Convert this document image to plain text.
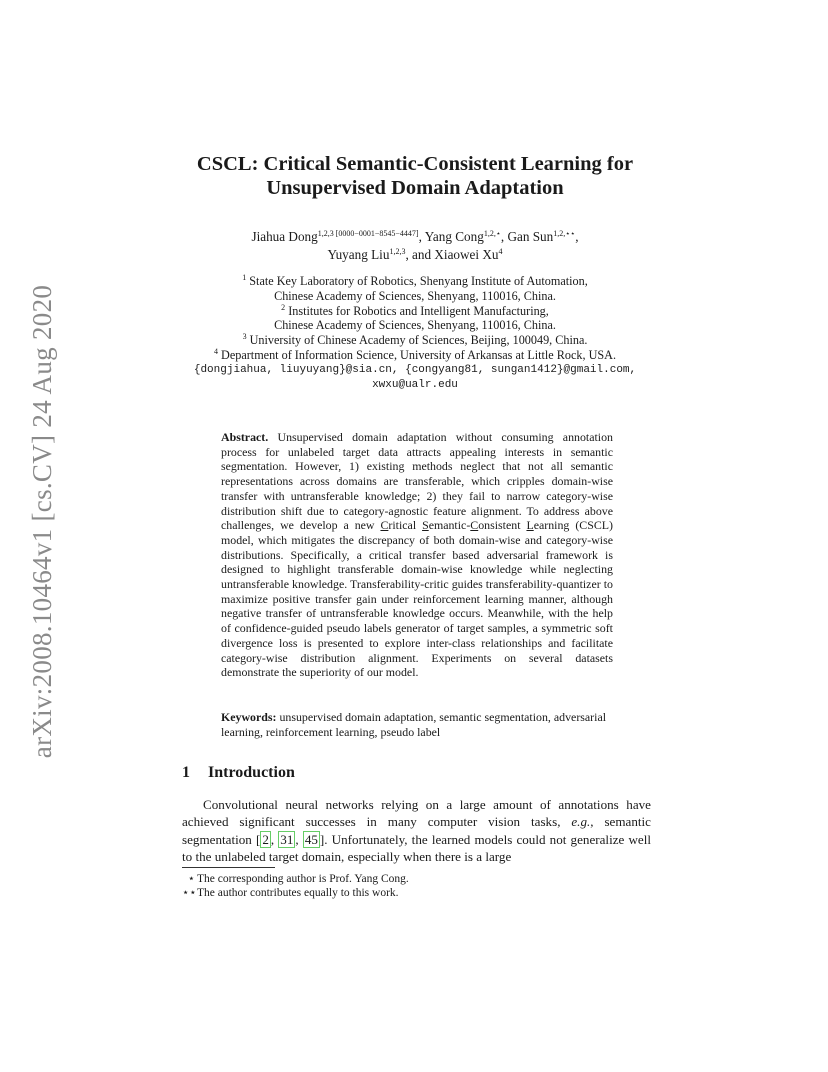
arXiv:2008.10464v1 [cs.CV] 24 Aug 2020
CSCL: Critical Semantic-Consistent Learning for
Unsupervised Domain Adaptation
Jiahua Dong$^{1,2,3 [0000-0001-8545-4447]}$, Yang Cong$^{1,2,⋆}$, Gan Sun$^{1,2,⋆⋆}$,
Yuyang Liu$^{1,2,3}$, and Xiaowei Xu$^4$
$^1$ State Key Laboratory of Robotics, Shenyang Institute of Automation,
Chinese Academy of Sciences, Shenyang, 110016, China.
$^2$ Institutes for Robotics and Intelligent Manufacturing,
Chinese Academy of Sciences, Shenyang, 110016, China.
$^3$ University of Chinese Academy of Sciences, Beijing, 100049, China.
$^4$ Department of Information Science, University of Arkansas at Little Rock, USA.
{dongjiahua, liuyuyang}@sia.cn, {congyang81, sungan1412}@gmail.com,
xwxu@ualr.edu
Abstract. Unsupervised domain adaptation without consuming annotation process for unlabeled target data attracts appealing interests in semantic segmentation. However, 1) existing methods neglect that not all semantic representations across domains are transferable, which cripples domain-wise transfer with untransferable knowledge; 2) they fail to narrow category-wise distribution shift due to category-agnostic feature alignment. To address above challenges, we develop a new Critical Semantic-Consistent Learning (CSCL) model, which mitigates the discrepancy of both domain-wise and category-wise distributions. Specifically, a critical transfer based adversarial framework is designed to highlight transferable domain-wise knowledge while neglecting untransferable knowledge. Transferability-critic guides transferability-quantizer to maximize positive transfer gain under reinforcement learning manner, although negative transfer of untransferable knowledge occurs. Meanwhile, with the help of confidence-guided pseudo labels generator of target samples, a symmetric soft divergence loss is presented to explore inter-class relationships and facilitate category-wise distribution alignment. Experiments on several datasets demonstrate the superiority of our model.
Keywords: unsupervised domain adaptation, semantic segmentation, adversarial learning, reinforcement learning, pseudo label
1 Introduction
Convolutional neural networks relying on a large amount of annotations have achieved significant successes in many computer vision tasks, e.g., semantic segmentation [ 2 , 31 , 45 ]. Unfortunately, the learned models could not generalize well to the unlabeled target domain, especially when there is a large
⋆ The corresponding author is Prof. Yang Cong.
⋆⋆The author contributes equally to this work.
